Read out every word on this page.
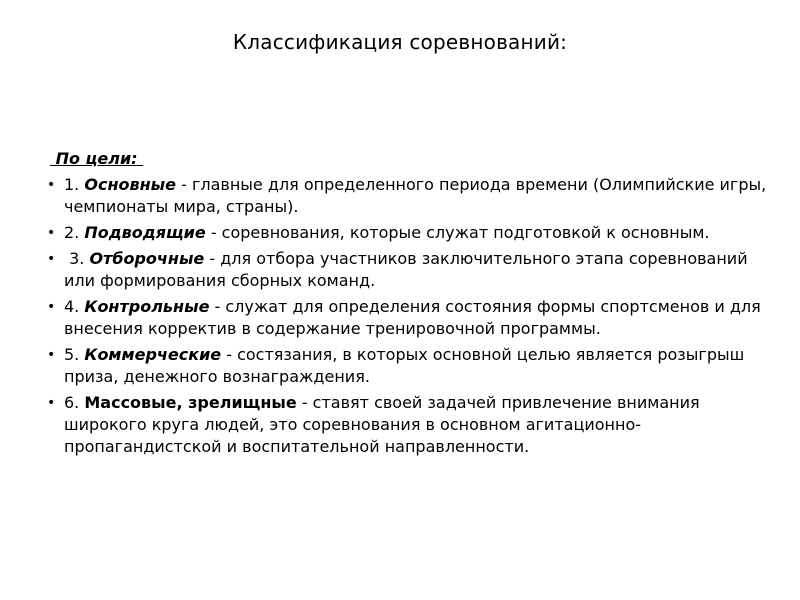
Классификация соревнований:
По цели:
• 1. Основные - главные для определенного периода времени (Олимпийские игры, чемпионаты мира, страны).
• 2. Подводящие - соревнования, которые служат подготовкой к основным.
• 3. Отборочные - для отбора участников заключительного этапа соревнований или формирования сборных команд.
• 4. Контрольные - служат для определения состояния формы спортсменов и для внесения корректив в содержание тренировочной программы.
• 5. Коммерческие - состязания, в которых основной целью является розыгрыш приза, денежного вознаграждения.
• 6. Массовые, зрелищные - ставят своей задачей привлечение внимания широкого круга людей, это соревнования в основном агитационно-пропагандистской и воспитательной направленности.
